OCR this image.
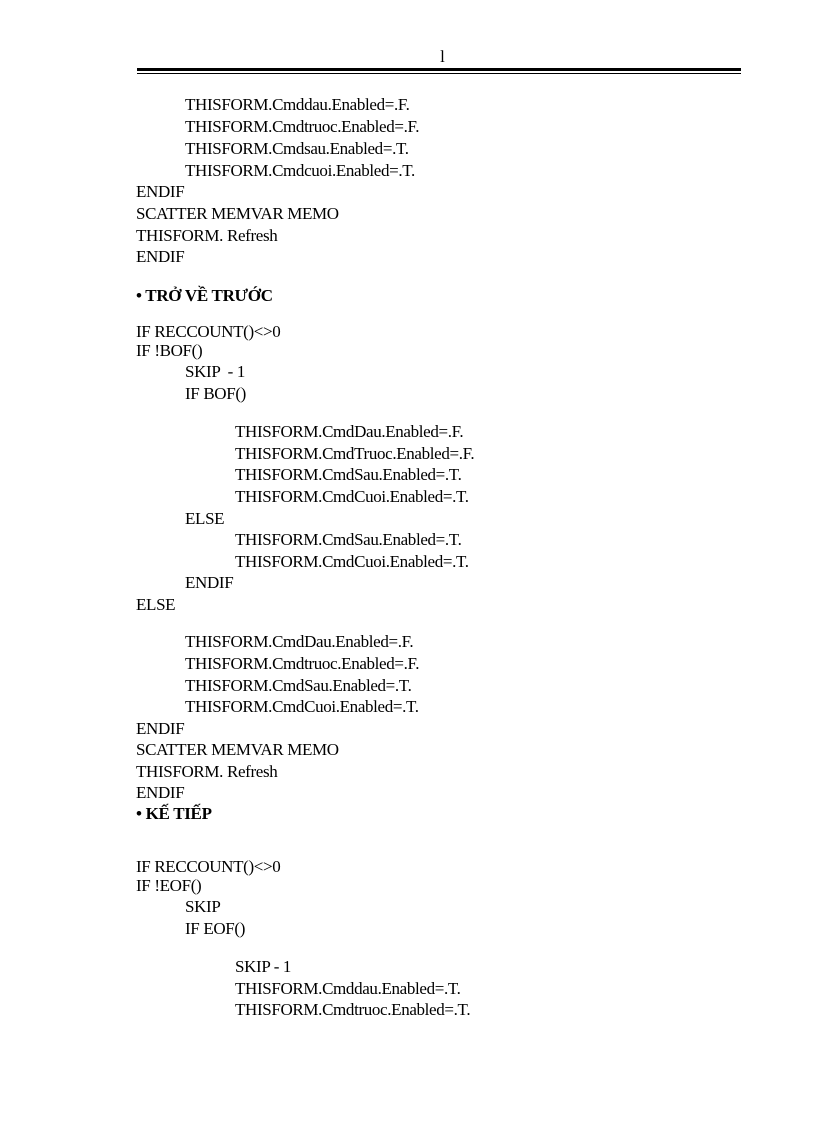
l
THISFORM.Cmddau.Enabled=.F.
THISFORM.Cmdtruoc.Enabled=.F.
THISFORM.Cmdsau.Enabled=.T.
THISFORM.Cmdcuoi.Enabled=.T.
ENDIF
SCATTER MEMVAR MEMO
THISFORM. Refresh
ENDIF
• TRỞ VỀ TRƯỚC
IF RECCOUNT()<>0
IF !BOF()
SKIP  - 1
IF BOF()
THISFORM.CmdDau.Enabled=.F.
THISFORM.CmdTruoc.Enabled=.F.
THISFORM.CmdSau.Enabled=.T.
THISFORM.CmdCuoi.Enabled=.T.
ELSE
THISFORM.CmdSau.Enabled=.T.
THISFORM.CmdCuoi.Enabled=.T.
ENDIF
ELSE
THISFORM.CmdDau.Enabled=.F.
THISFORM.Cmdtruoc.Enabled=.F.
THISFORM.CmdSau.Enabled=.T.
THISFORM.CmdCuoi.Enabled=.T.
ENDIF
SCATTER MEMVAR MEMO
THISFORM. Refresh
ENDIF
• KẾ TIẾP
IF RECCOUNT()<>0
IF !EOF()
SKIP
IF EOF()
SKIP - 1
THISFORM.Cmddau.Enabled=.T.
THISFORM.Cmdtruoc.Enabled=.T.
